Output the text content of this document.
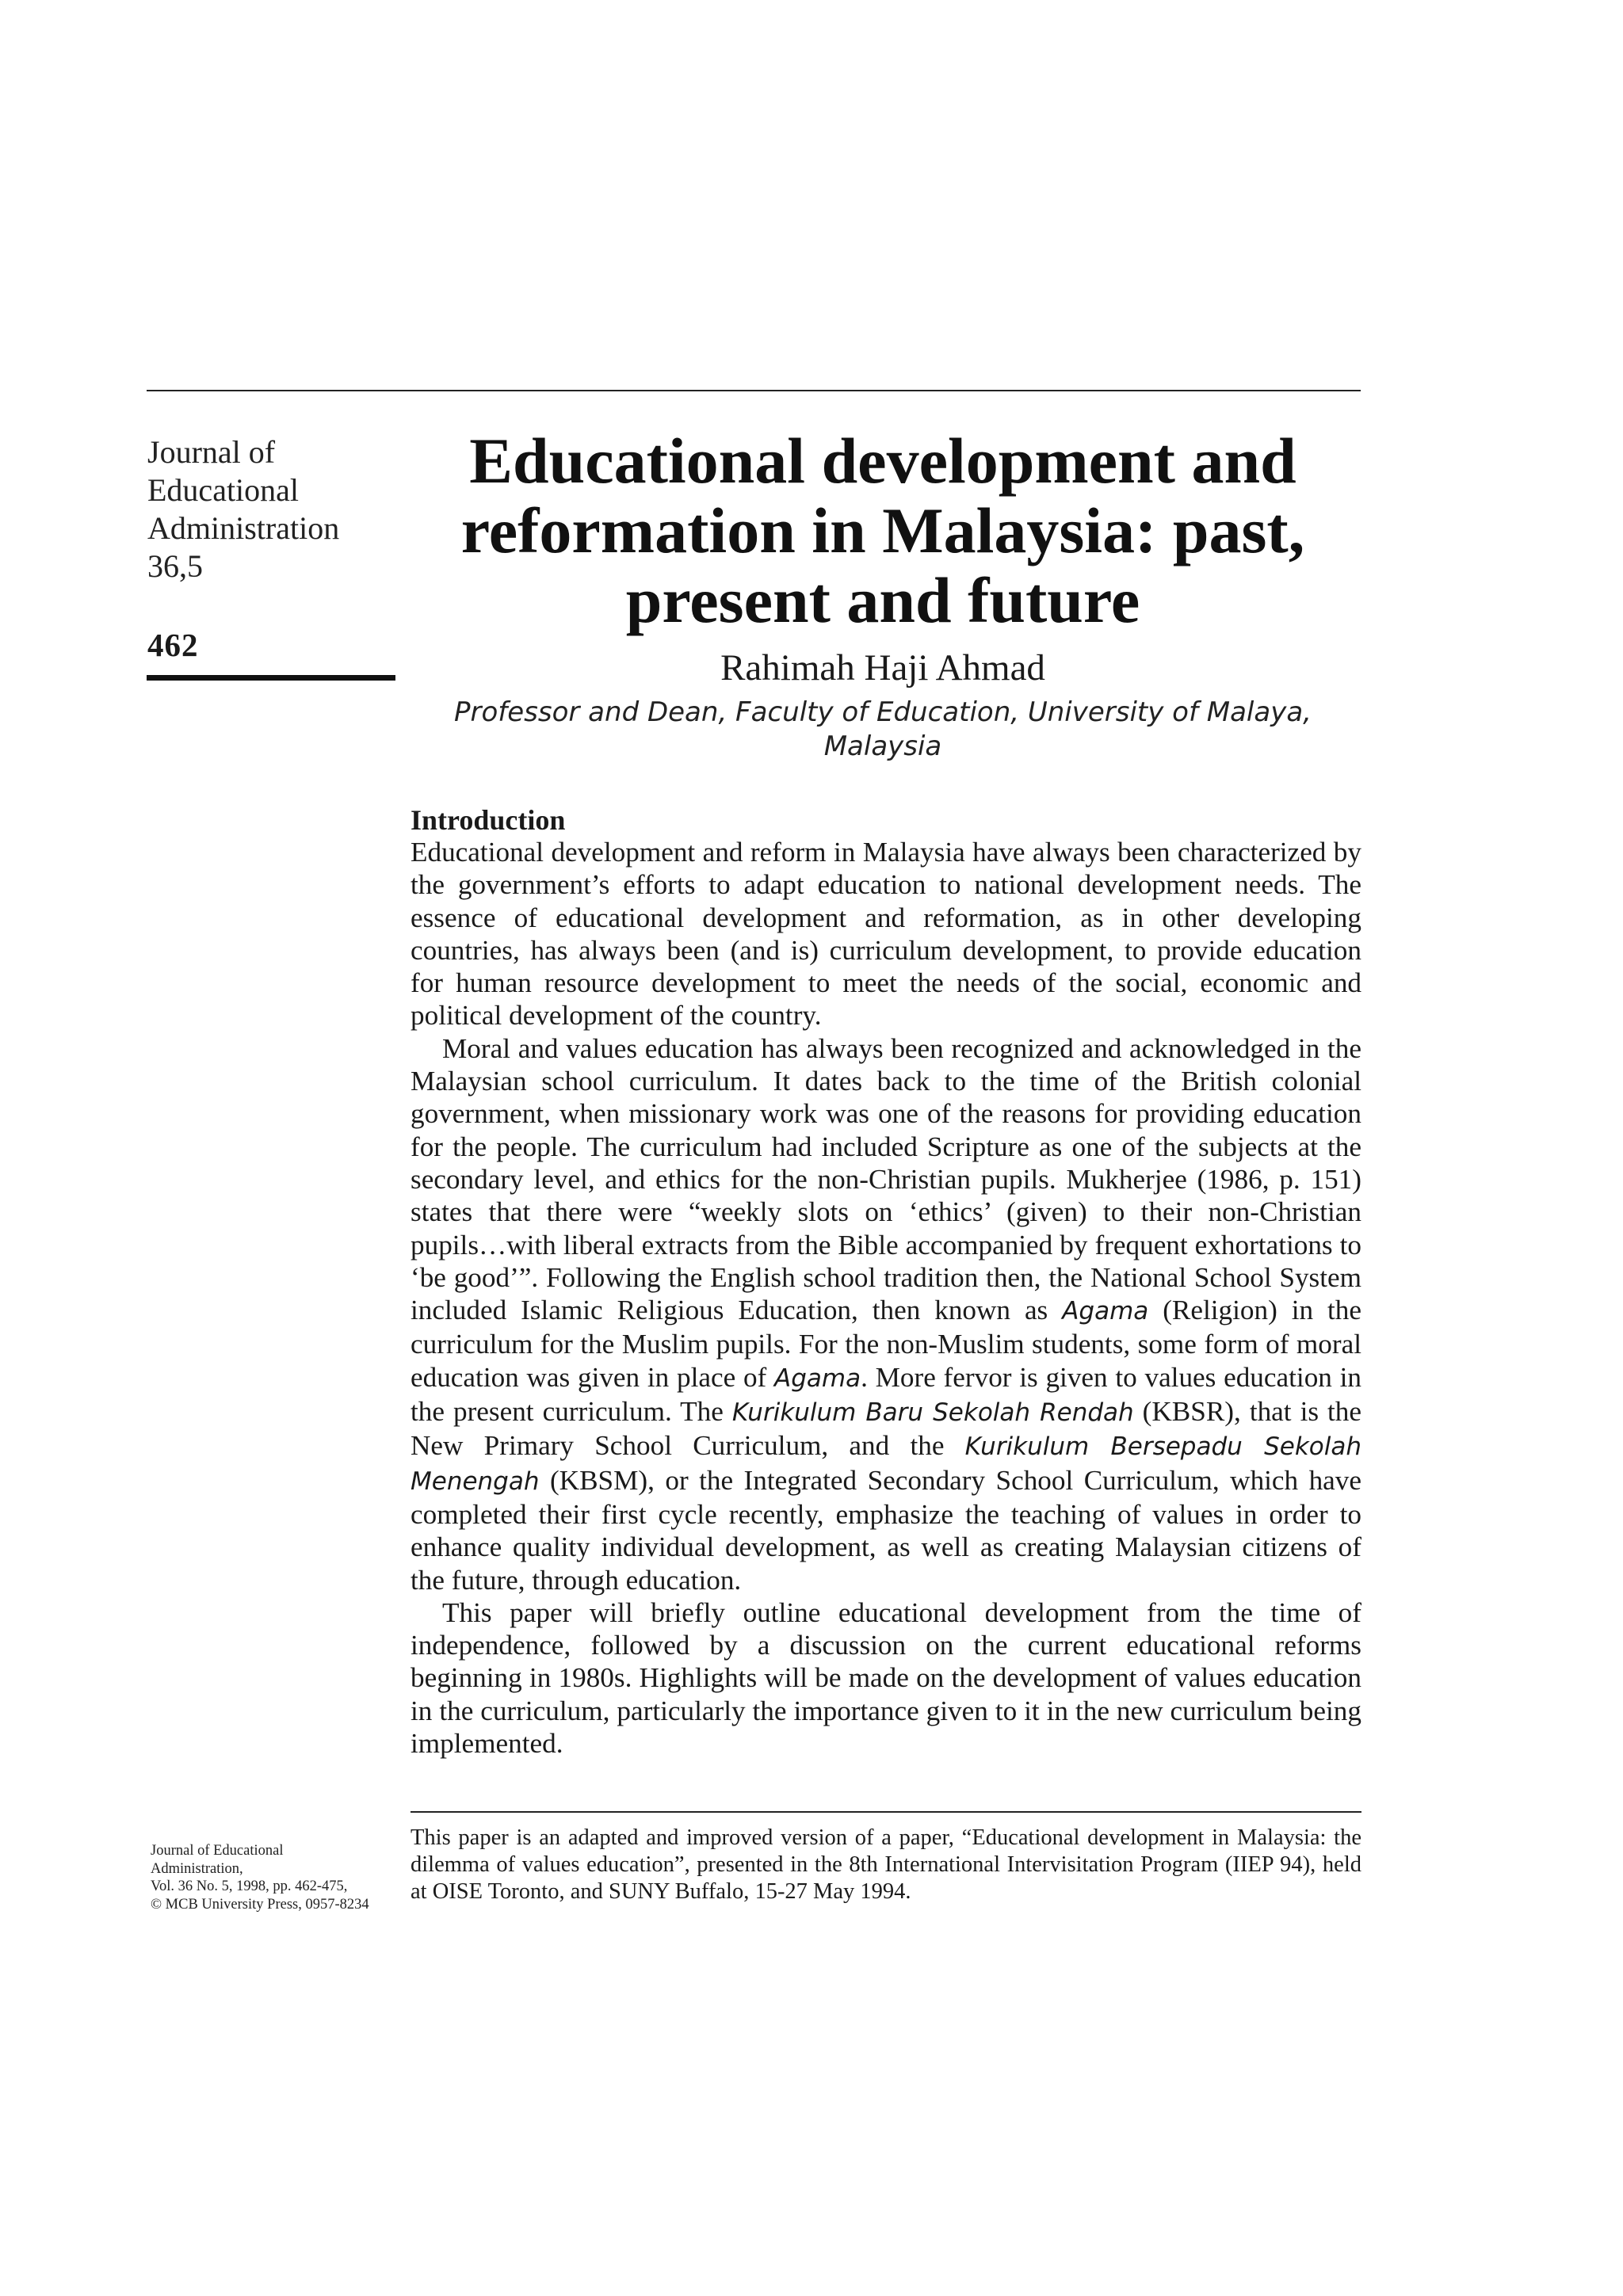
Journal of
Educational
Administration
36,5
462
Educational development and reformation in Malaysia: past, present and future
Rahimah Haji Ahmad
Professor and Dean, Faculty of Education, University of Malaya, Malaysia
Introduction

Educational development and reform in Malaysia have always been characterized by the government’s efforts to adapt education to national development needs. The essence of educational development and reformation, as in other developing countries, has always been (and is) curriculum development, to provide education for human resource development to meet the needs of the social, economic and political development of the country.

Moral and values education has always been recognized and acknowledged in the Malaysian school curriculum. It dates back to the time of the British colonial government, when missionary work was one of the reasons for providing education for the people. The curriculum had included Scripture as one of the subjects at the secondary level, and ethics for the non-Christian pupils. Mukherjee (1986, p. 151) states that there were “weekly slots on ‘ethics’ (given) to their non-Christian pupils…with liberal extracts from the Bible accompanied by frequent exhortations to ‘be good’”. Following the English school tradition then, the National School System included Islamic Religious Education, then known as Agama (Religion) in the curriculum for the Muslim pupils. For the non-Muslim students, some form of moral education was given in place of Agama. More fervor is given to values education in the present curriculum. The Kurikulum Baru Sekolah Rendah (KBSR), that is the New Primary School Curriculum, and the Kurikulum Bersepadu Sekolah Menengah (KBSM), or the Integrated Secondary School Curriculum, which have completed their first cycle recently, emphasize the teaching of values in order to enhance quality individual development, as well as creating Malaysian citizens of the future, through education.

This paper will briefly outline educational development from the time of independence, followed by a discussion on the current educational reforms beginning in 1980s. Highlights will be made on the development of values education in the curriculum, particularly the importance given to it in the new curriculum being implemented.

This paper is an adapted and improved version of a paper, “Educational development in Malaysia: the dilemma of values education”, presented in the 8th International Intervisitation Program (IIEP 94), held at OISE Toronto, and SUNY Buffalo, 15-27 May 1994.

Journal of Educational
Administration,
Vol. 36 No. 5, 1998, pp. 462-475,
© MCB University Press, 0957-8234
